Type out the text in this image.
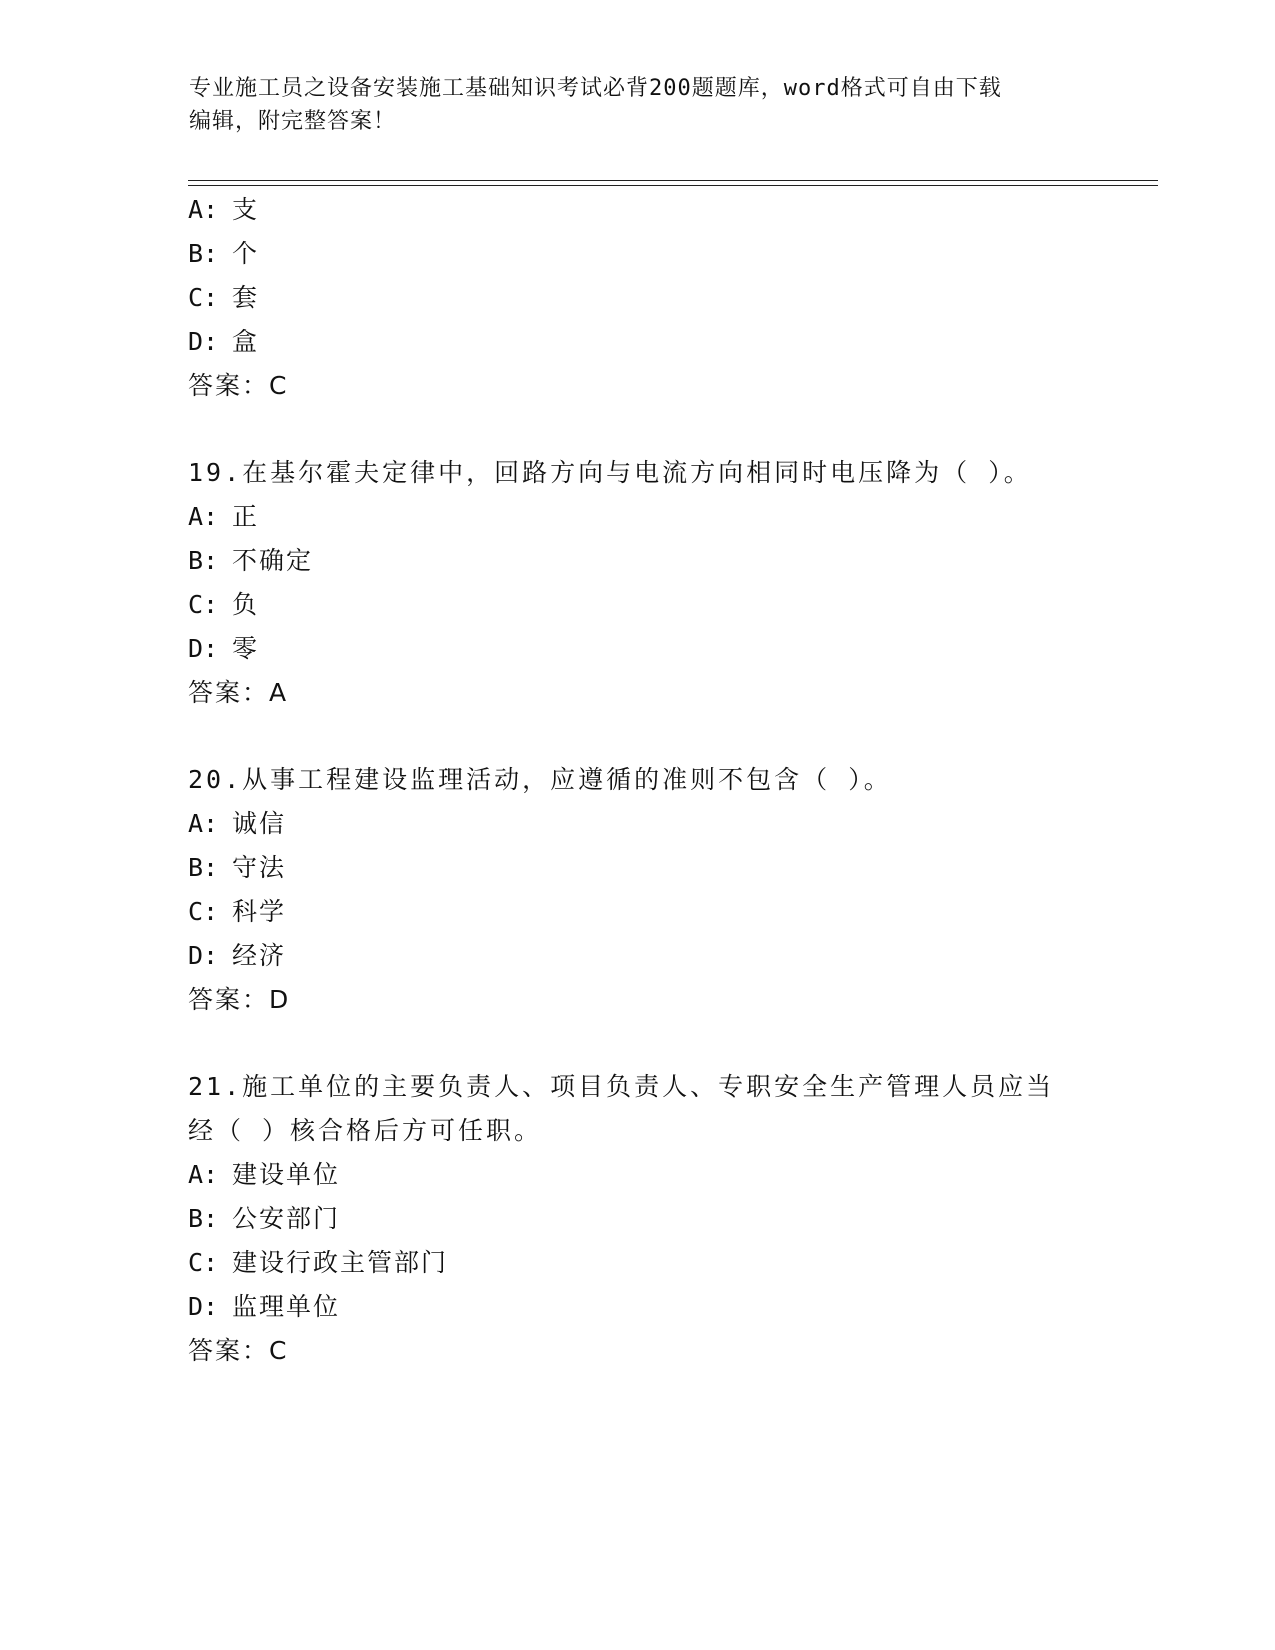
专业施工员之设备安装施工基础知识考试必背200题题库，word格式可自由下载
编辑，附完整答案！
A: 支
B: 个
C: 套
D: 盒
答案：C
19.在基尔霍夫定律中，回路方向与电流方向相同时电压降为（ ）。
A: 正
B: 不确定
C: 负
D: 零
答案：A
20.从事工程建设监理活动，应遵循的准则不包含（ ）。
A: 诚信
B: 守法
C: 科学
D: 经济
答案：D
21.施工单位的主要负责人、项目负责人、专职安全生产管理人员应当
经（ ）核合格后方可任职。
A: 建设单位
B: 公安部门
C: 建设行政主管部门
D: 监理单位
答案：C
